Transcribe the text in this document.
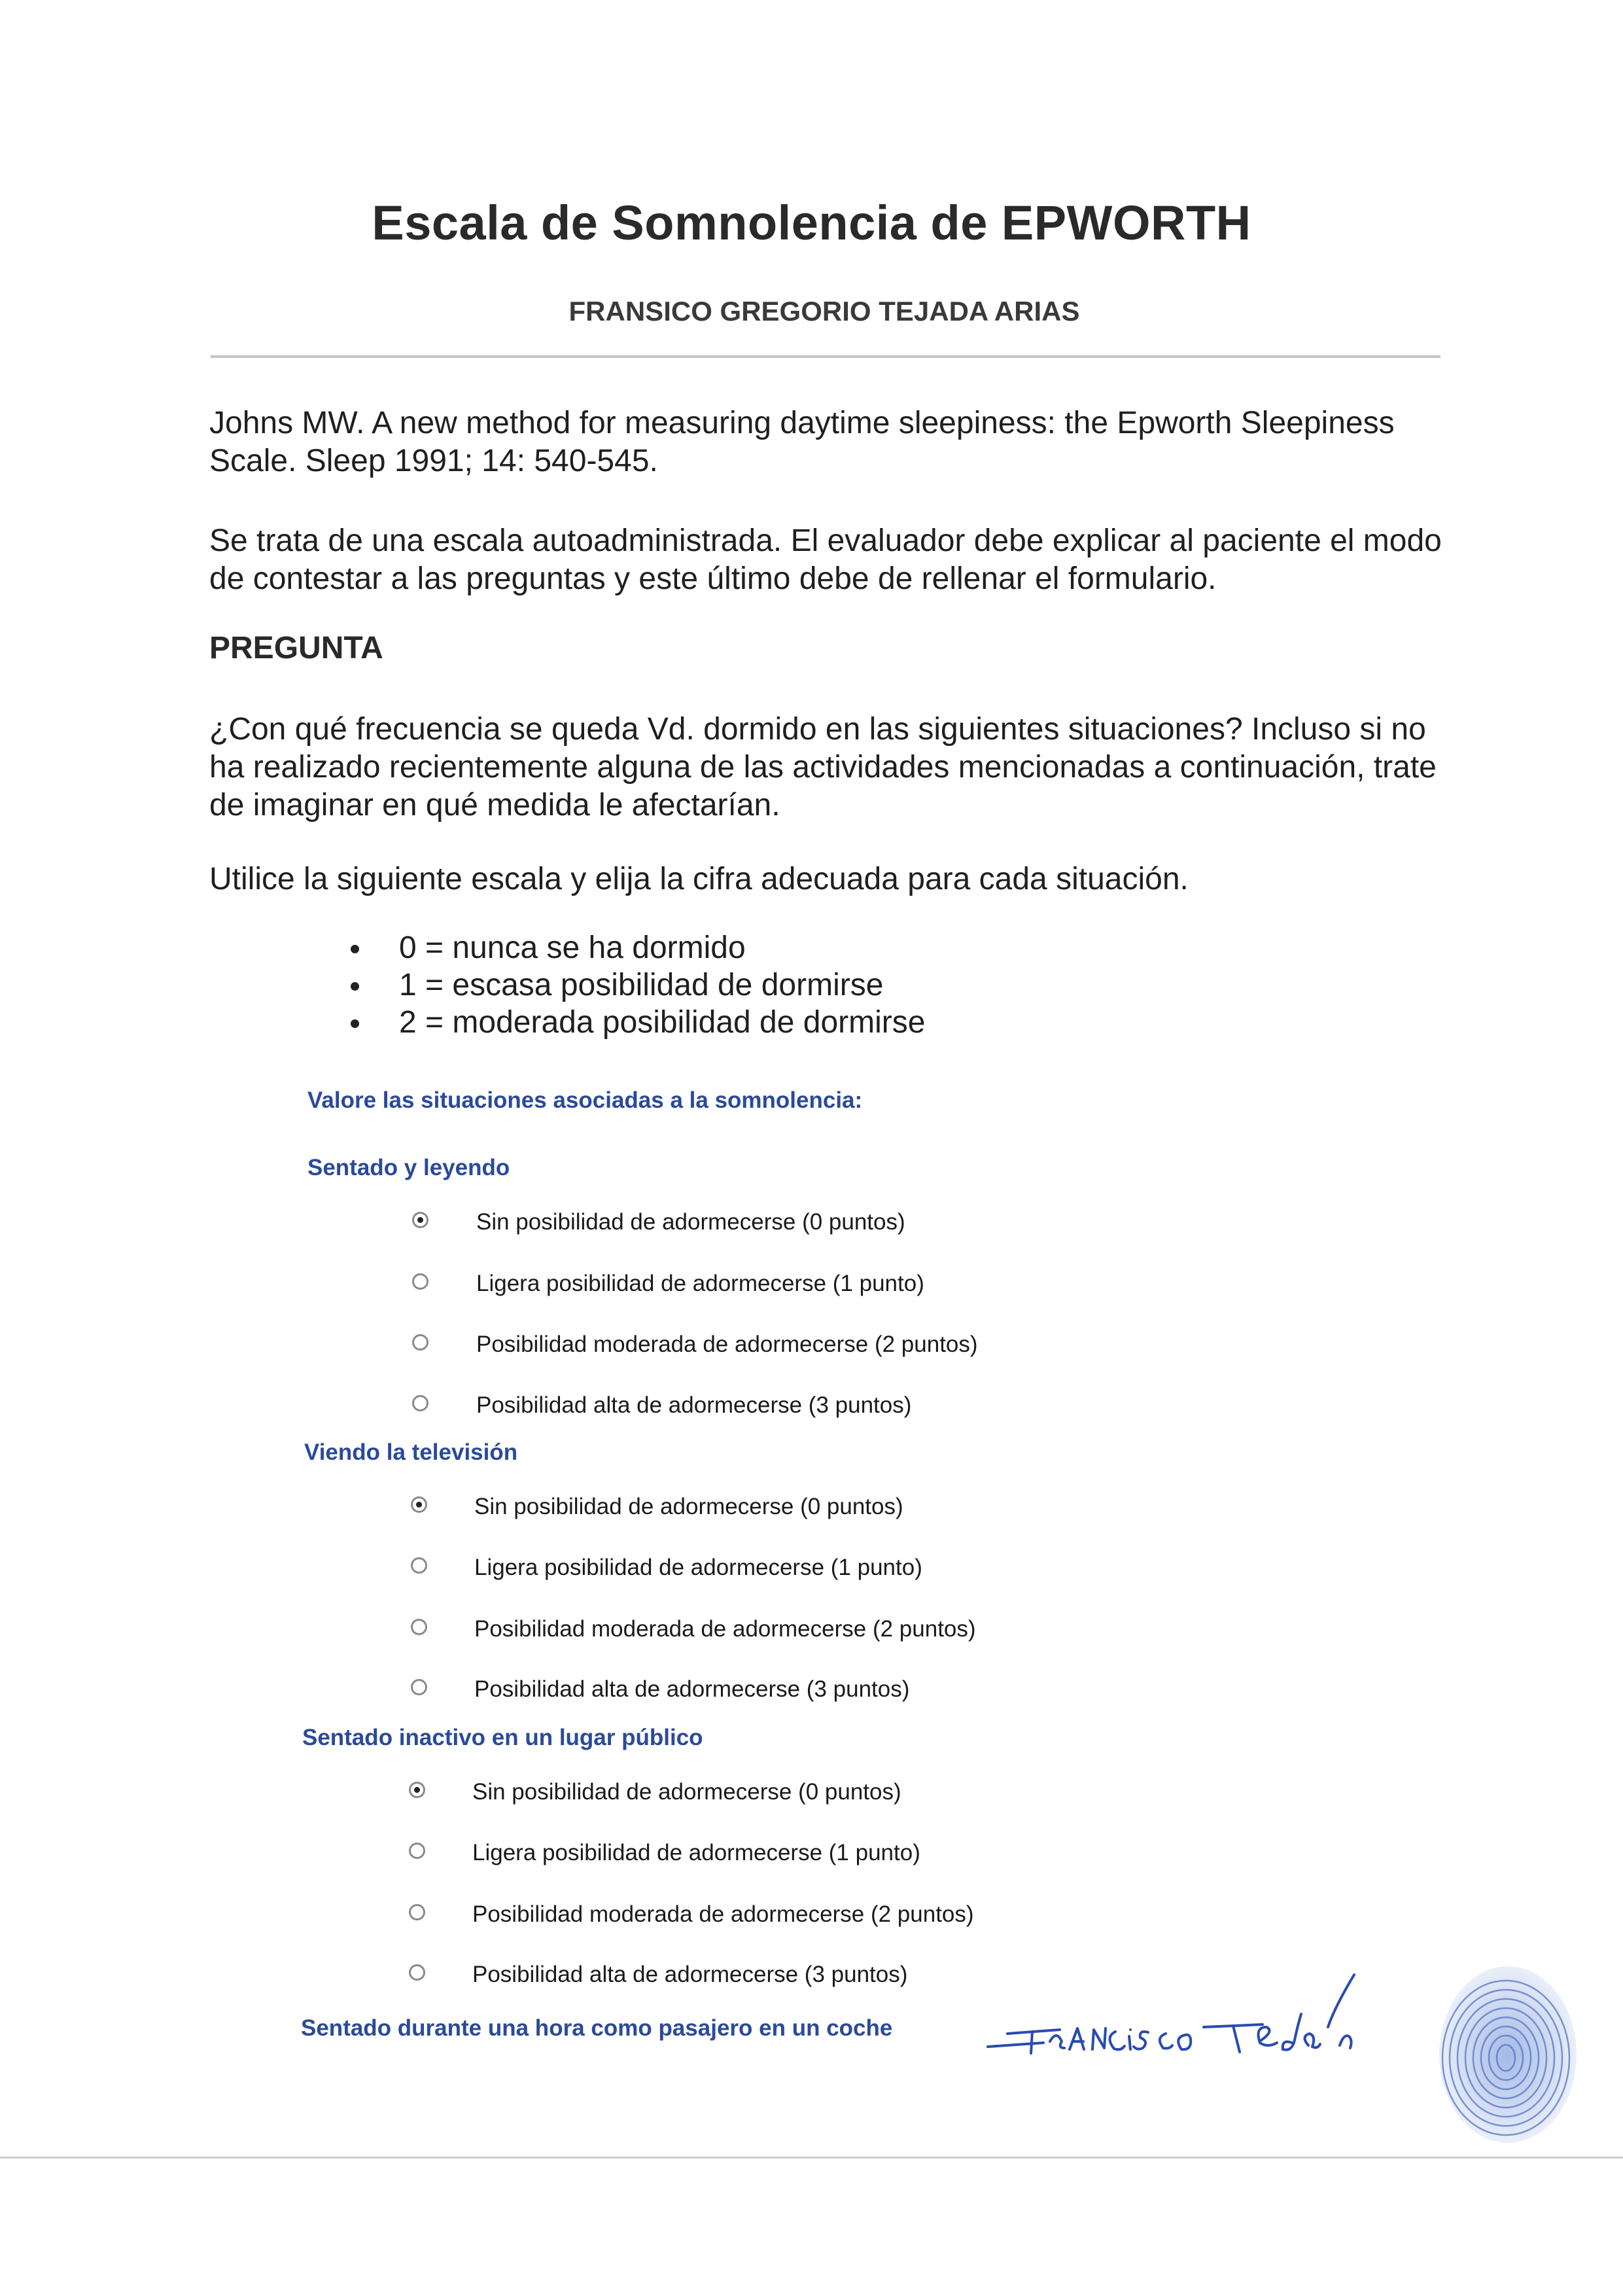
Escala de Somnolencia de EPWORTH
FRANSICO GREGORIO TEJADA ARIAS
Johns MW. A new method for measuring daytime sleepiness: the Epworth Sleepiness Scale. Sleep 1991; 14: 540-545.
Se trata de una escala autoadministrada. El evaluador debe explicar al paciente el modo de contestar a las preguntas y este último debe de rellenar el formulario.
PREGUNTA
¿Con qué frecuencia se queda Vd. dormido en las siguientes situaciones? Incluso si no ha realizado recientemente alguna de las actividades mencionadas a continuación, trate de imaginar en qué medida le afectarían.
Utilice la siguiente escala y elija la cifra adecuada para cada situación.
0 = nunca se ha dormido
1 = escasa posibilidad de dormirse
2 = moderada posibilidad de dormirse
Valore las situaciones asociadas a la somnolencia:
Sentado y leyendo
Sin posibilidad de adormecerse (0 puntos)
Ligera posibilidad de adormecerse (1 punto)
Posibilidad moderada de adormecerse (2 puntos)
Posibilidad alta de adormecerse (3 puntos)
Viendo la televisión
Sin posibilidad de adormecerse (0 puntos)
Ligera posibilidad de adormecerse (1 punto)
Posibilidad moderada de adormecerse (2 puntos)
Posibilidad alta de adormecerse (3 puntos)
Sentado inactivo en un lugar público
Sin posibilidad de adormecerse (0 puntos)
Ligera posibilidad de adormecerse (1 punto)
Posibilidad moderada de adormecerse (2 puntos)
Posibilidad alta de adormecerse (3 puntos)
Sentado durante una hora como pasajero en un coche
